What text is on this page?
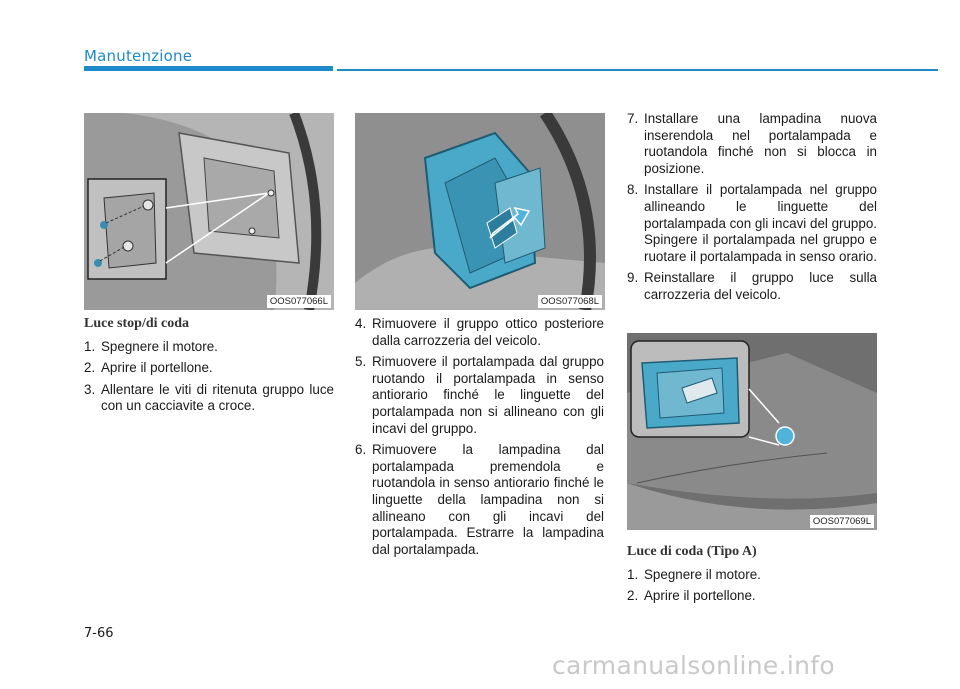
Manutenzione
OOS077066L	OOS077068L
OOS077069L
Luce stop/di coda
1. Spegnere il motore.
2. Aprire il portellone.
3. Allentare le viti di ritenuta gruppo luce con un cacciavite a croce.
4. Rimuovere il gruppo ottico posteriore dalla carrozzeria del veicolo.
5. Rimuovere il portalampada dal gruppo ruotando il portalampada in senso antiorario finché le linguette del portalampada non si allineano con gli incavi del gruppo.
6. Rimuovere la lampadina dal portalampada premendola e ruotandola in senso antiorario finché le linguette della lampadina non si allineano con gli incavi del portalampada. Estrarre la lampadina dal portalampada.
7. Installare una lampadina nuova inserendola nel portalampada e ruotandola finché non si blocca in posizione.
8. Installare il portalampada nel gruppo allineando le linguette del portalampada con gli incavi del gruppo. Spingere il portalampada nel gruppo e ruotare il portalampada in senso orario.
9. Reinstallare il gruppo luce sulla carrozzeria del veicolo.
Luce di coda (Tipo A)
1. Spegnere il motore.
2. Aprire il portellone.
7-66
carmanualsonline.info
